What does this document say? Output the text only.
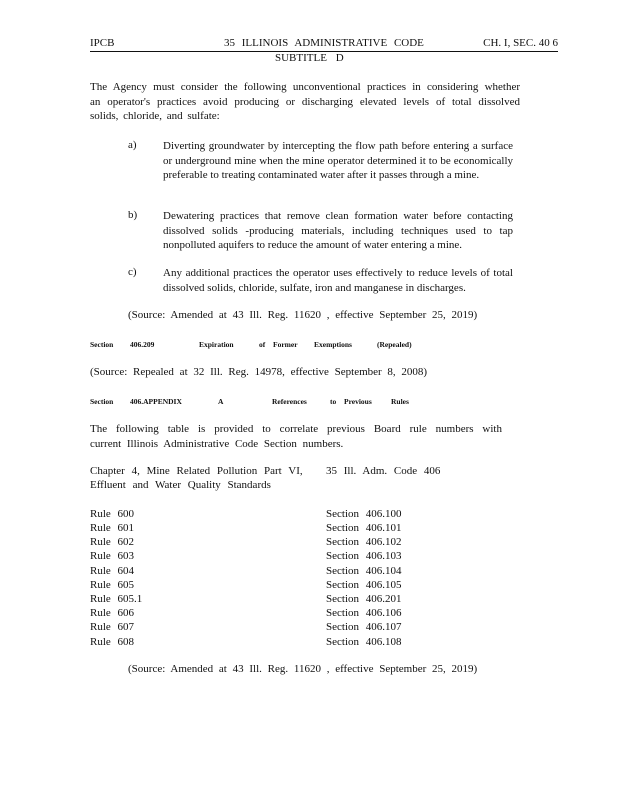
IPCB	35 ILLINOIS ADMINISTRATIVE CODE	CH. I, SEC. 40 6
SUBTITLE D

The Agency must consider the following unconventional practices in considering whether an operator's practices avoid producing or discharging elevated levels of total dissolved solids, chloride, and sulfate:

a) Diverting groundwater by intercepting the flow path before entering a surface or underground mine when the mine operator determined it to be economically preferable to treating contaminated water after it passes through a mine.
b) Dewatering practices that remove clean formation water before contacting dissolved solids -producing materials, including techniques used to tap nonpolluted aquifers to reduce the amount of water entering a mine.
c) Any additional practices the operator uses effectively to reduce levels of total dissolved solids, chloride, sulfate, iron and manganese in discharges.
(Source: Amended at 43 Ill. Reg. 11620 , effective September 25, 2019)
Section 406.209	Expiration	of Former Exemptions	(Repealed)
(Source: Repealed at 32 Ill. Reg. 14978, effective September 8, 2008)
Section 406.APPENDIX	A	References	to Previous	Rules

The following table is provided to correlate previous Board rule numbers with current Illinois Administrative Code Section numbers.

Chapter 4, Mine Related Pollution Part VI,
Effluent and Water Quality Standards
35 Ill. Adm. Code 406
Rule 600	Section 406.100
Rule 601	Section 406.101
Rule 602	Section 406.102
Rule 603	Section 406.103
Rule 604	Section 406.104
Rule 605	Section 406.105
Rule 605.1	Section 406.201
Rule 606	Section 406.106
Rule 607	Section 406.107
Rule 608	Section 406.108
(Source: Amended at 43 Ill. Reg. 11620 , effective September 25, 2019)
